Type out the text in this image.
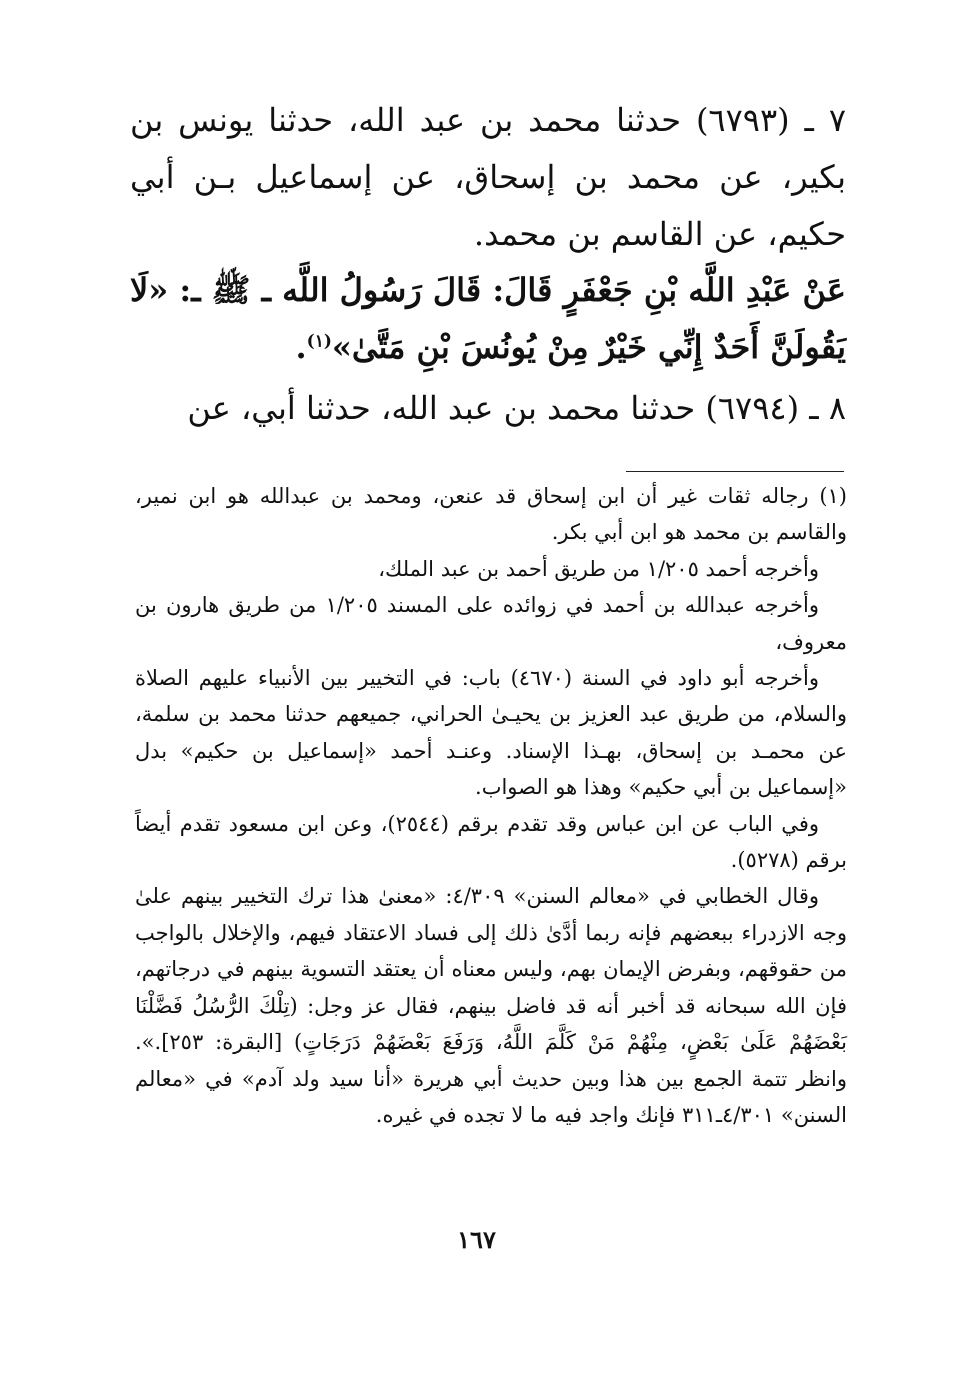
٧ ـ (٦٧٩٣) حدثنا محمد بن عبد الله، حدثنا يونس بن بكير، عن محمد بن إسحاق، عن إسماعيل بـن أبي حكيم، عن القاسم بن محمد.

عَنْ عَبْدِ اللَّه بْنِ جَعْفَرٍ قَالَ: قَالَ رَسُولُ اللَّه ـ ﷺ ـ: «لَا يَقُولَنَّ أَحَدٌ إِنِّي خَيْرٌ مِنْ يُونُسَ بْنِ مَتَّىٰ»$^{(١)}$.

٨ ـ (٦٧٩٤) حدثنا محمد بن عبد الله، حدثنا أبي، عن

(١) رجاله ثقات غير أن ابن إسحاق قد عنعن، ومحمد بن عبدالله هو ابن نمير، والقاسم بن محمد هو ابن أبي بكر.

وأخرجه أحمد ١/٢٠٥ من طريق أحمد بن عبد الملك،

وأخرجه عبدالله بن أحمد في زوائده على المسند ١/٢٠٥ من طريق هارون بن معروف،

وأخرجه أبو داود في السنة (٤٦٧٠) باب: في التخيير بين الأنبياء عليهم الصلاة والسلام، من طريق عبد العزيز بن يحيـىٰ الحراني، جميعهم حدثنا محمد بن سلمة، عن محمـد بن إسحاق، بهـذا الإسناد. وعنـد أحمد «إسماعيل بن حكيم» بدل «إسماعيل بن أبي حكيم» وهذا هو الصواب.

وفي الباب عن ابن عباس وقد تقدم برقم (٢٥٤٤)، وعن ابن مسعود تقدم أيضاً برقم (٥٢٧٨).

وقال الخطابي في «معالم السنن» ٤/٣٠٩: «معنىٰ هذا ترك التخيير بينهم علىٰ وجه الازدراء ببعضهم فإنه ربما أدَّىٰ ذلك إلى فساد الاعتقاد فيهم، والإخلال بالواجب من حقوقهم، وبفرض الإيمان بهم، وليس معناه أن يعتقد التسوية بينهم في درجاتهم، فإن الله سبحانه قد أخبر أنه قد فاضل بينهم، فقال عز وجل: (تِلْكَ الرُّسُلُ فَضَّلْنَا بَعْضَهُمْ عَلَىٰ بَعْضٍ، مِنْهُمْ مَنْ كَلَّمَ اللَّهُ، وَرَفَعَ بَعْضَهُمْ دَرَجَاتٍ) [البقرة: ٢٥٣].». وانظر تتمة الجمع بين هذا وبين حديث أبي هريرة «أنا سيد ولد آدم» في «معالم السنن» ٤/٣٠١ـ٣١١ فإنك واجد فيه ما لا تجده في غيره.

١٦٧
